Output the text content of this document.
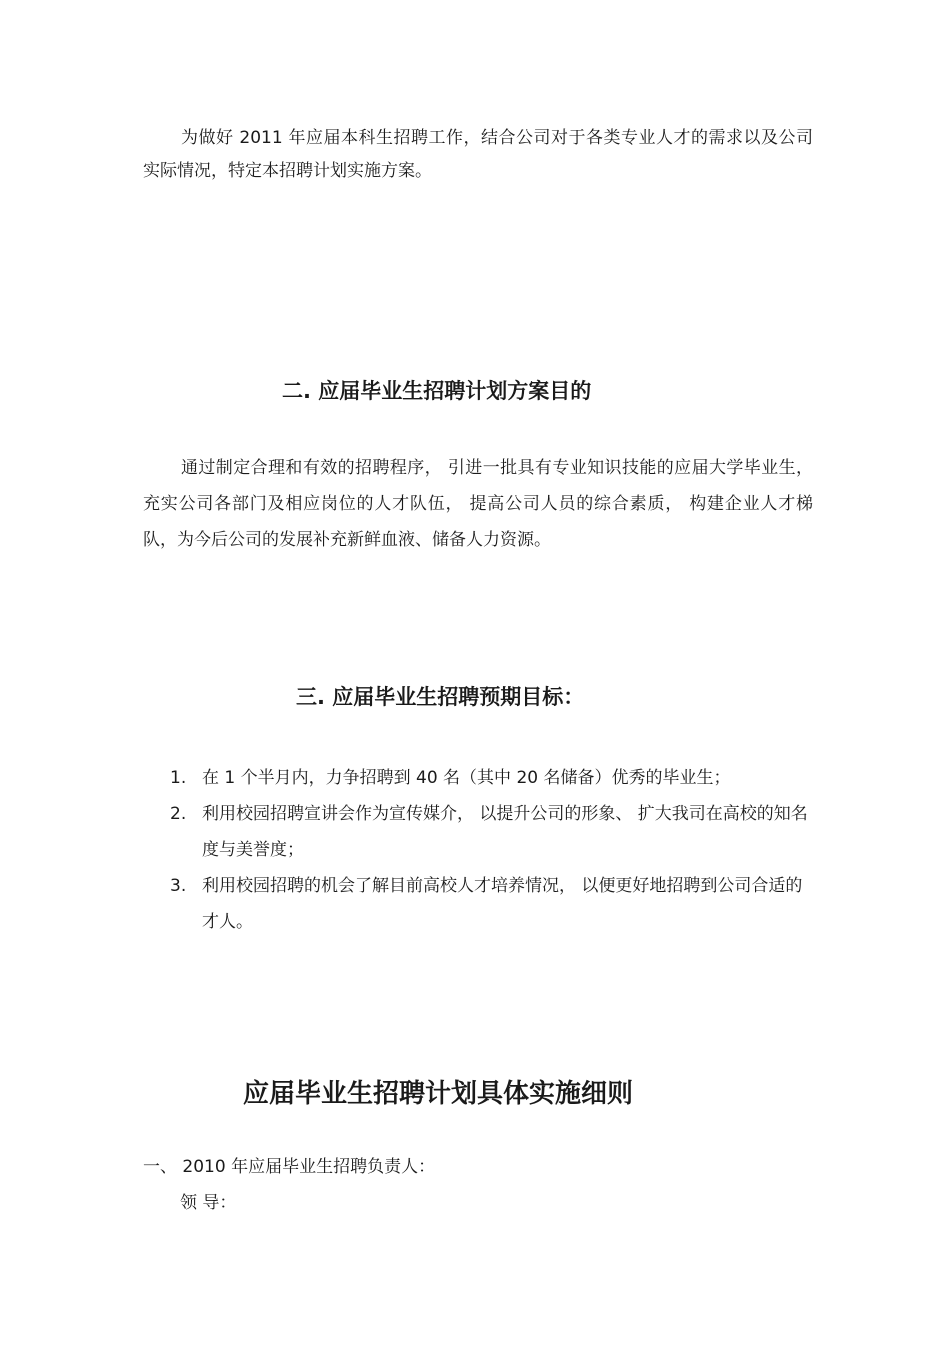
为做好 2011 年应届本科生招聘工作，结合公司对于各类专业人才的需求以及公司实际情况，特定本招聘计划实施方案。

二. 应届毕业生招聘计划方案目的

通过制定合理和有效的招聘程序， 引进一批具有专业知识技能的应届大学毕业生，充实公司各部门及相应岗位的人才队伍， 提高公司人员的综合素质， 构建企业人才梯队，为今后公司的发展补充新鲜血液、储备人力资源。

三. 应届毕业生招聘预期目标：
1. 在 1 个半月内，力争招聘到 40 名（其中 20 名储备）优秀的毕业生；
2. 利用校园招聘宣讲会作为宣传媒介， 以提升公司的形象、 扩大我司在高校的知名度与美誉度；
3. 利用校园招聘的机会了解目前高校人才培养情况， 以便更好地招聘到公司合适的才人。
应届毕业生招聘计划具体实施细则

一、 2010 年应届毕业生招聘负责人：

领 导：
